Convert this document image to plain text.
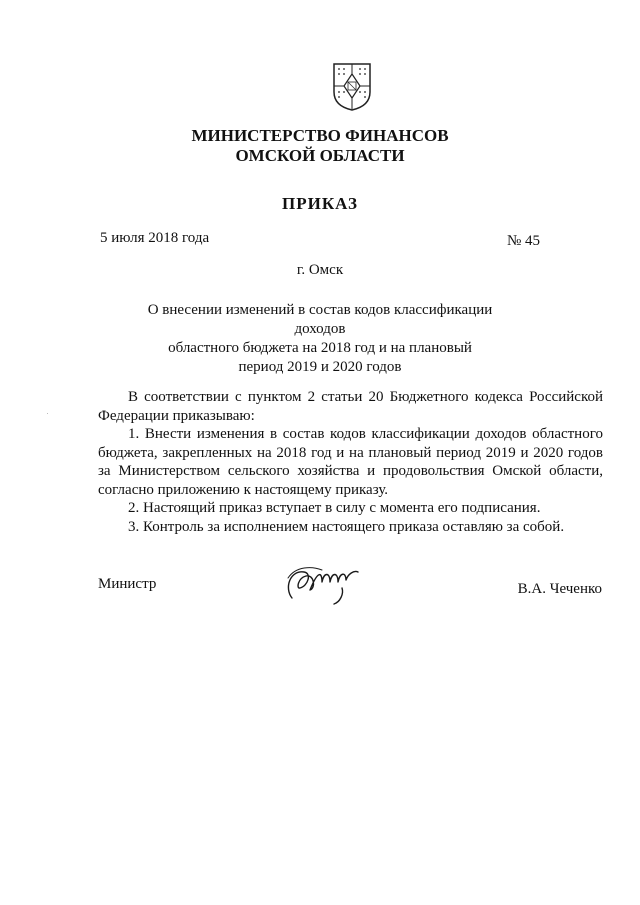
МИНИСТЕРСТВО ФИНАНСОВ
ОМСКОЙ ОБЛАСТИ
ПРИКАЗ
5 июля 2018 года	№ 45
г. Омск
О внесении изменений в состав кодов классификации доходов
областного бюджета на 2018 год и на плановый
период 2019 и 2020 годов

В соответствии с пунктом 2 статьи 20 Бюджетного кодекса Российской Федерации приказываю:

1. Внести изменения в состав кодов классификации доходов областного бюджета, закрепленных на 2018 год и на плановый период 2019 и 2020 годов за Министерством сельского хозяйства и продовольствия Омской области, согласно приложению к настоящему приказу.

2. Настоящий приказ вступает в силу с момента его подписания.

3. Контроль за исполнением настоящего приказа оставляю за собой.

Министр	В.А. Чеченко
